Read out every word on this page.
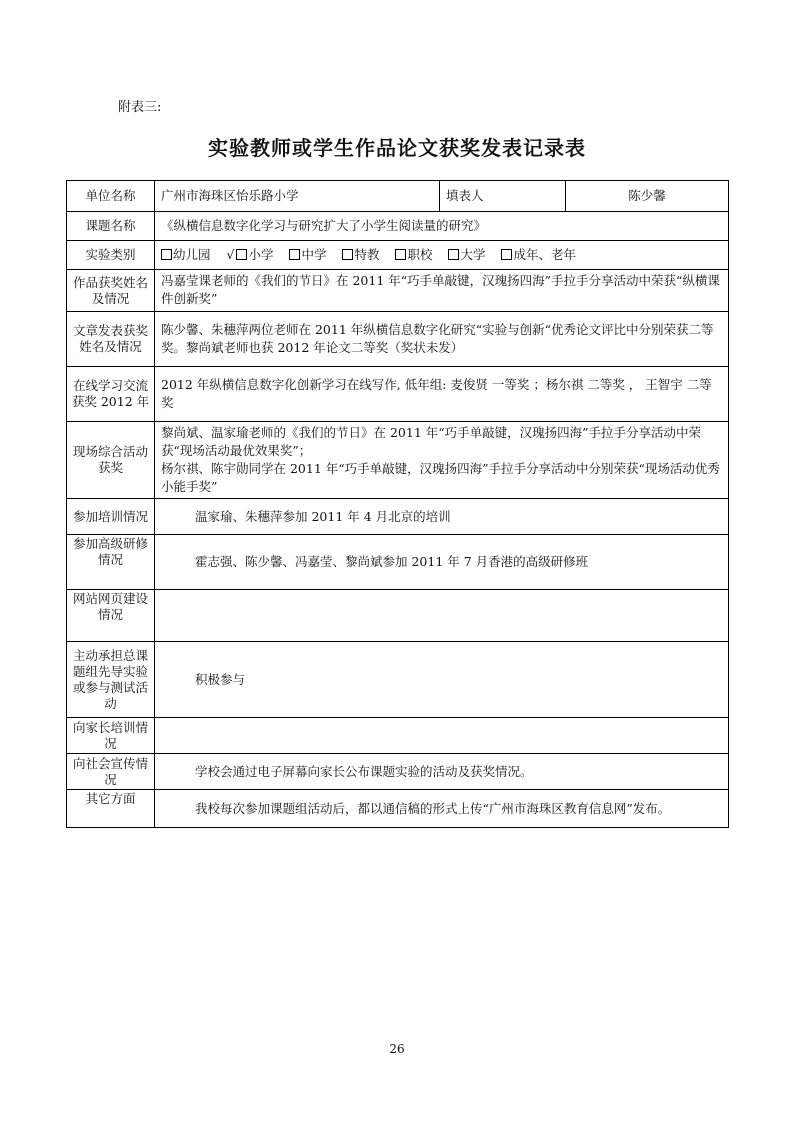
附表三:
实验教师或学生作品论文获奖发表记录表
单位名称	广州市海珠区怡乐路小学	填表人	陈少馨
课题名称	《纵横信息数字化学习与研究扩大了小学生阅读量的研究》		
实验类别	幼儿园 √ 小学 中学 特教 职校 大学 成年、老年		
作品获奖姓名及情况	冯嘉莹课老师的《我们的节日》在 2011 年“巧手单敲键，汉瑰扬四海”手拉手分享活动中荣获“纵横课件创新奖”		
文章发表获奖姓名及情况	陈少馨、朱穗萍两位老师在 2011 年纵横信息数字化研究“实验与创新“优秀论文评比中分别荣获二等奖。黎尚斌老师也获 2012 年论文二等奖（奖状未发）		
在线学习交流获奖 2012 年	2012 年纵横信息数字化创新学习在线写作, 低年组: 麦俊贤 一等奖 ；杨尔祺 二等奖 ， 王智宇 二等奖		
现场综合活动获奖	黎尚斌、温家瑜老师的《我们的节日》在 2011 年“巧手单敲键，汉瑰扬四海”手拉手分享活动中荣获“现场活动最优效果奖”；
杨尔祺、陈宇勋同学在 2011 年“巧手单敲键，汉瑰扬四海”手拉手分享活动中分别荣获“现场活动优秀小能手奖”		

参加培训情况	温家瑜、朱穗萍参加 2011 年 4 月北京的培训		
参加高级研修情况	霍志强、陈少馨、冯嘉莹、黎尚斌参加 2011 年 7 月香港的高级研修班		
网站网页建设情况			
主动承担总课题组先导实验或参与测试活动	积极参与		
向家长培训情况			
向社会宣传情况	学校会通过电子屏幕向家长公布课题实验的活动及获奖情况。		
其它方面	我校每次参加课题组活动后，都以通信稿的形式上传“广州市海珠区教育信息网”发布。		
26
